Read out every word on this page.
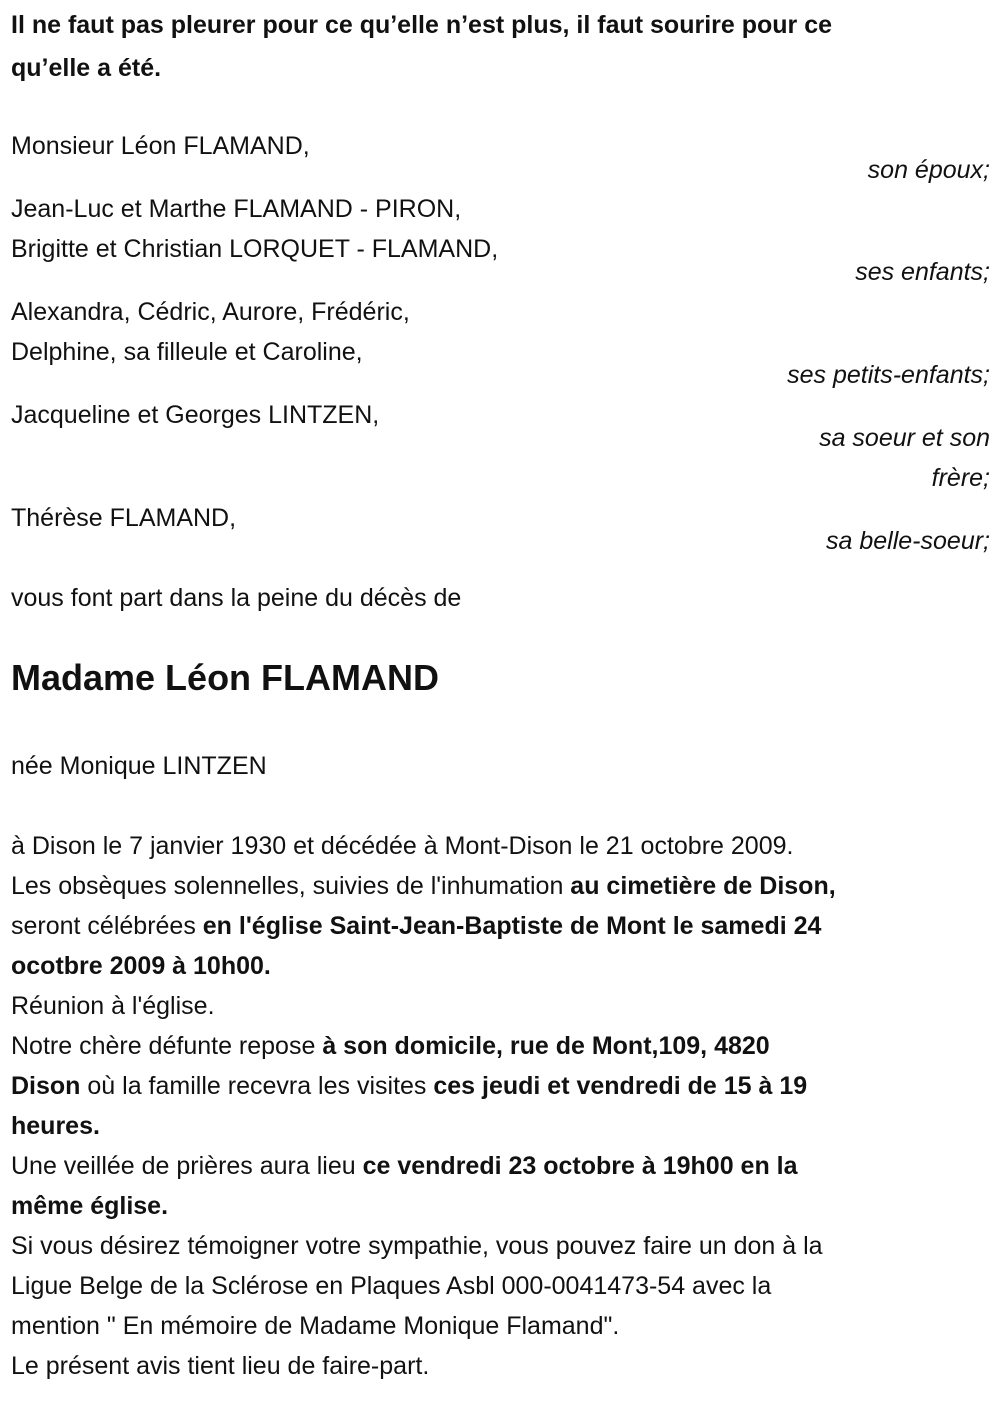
Il ne faut pas pleurer pour ce qu’elle n’est plus, il faut sourire pour ce
qu’elle a été.
Monsieur Léon FLAMAND,
son époux;
Jean-Luc et Marthe FLAMAND - PIRON,
Brigitte et Christian LORQUET - FLAMAND,
ses enfants;
Alexandra, Cédric, Aurore, Frédéric,
Delphine, sa filleule et Caroline,
ses petits-enfants;
Jacqueline et Georges LINTZEN,
sa soeur et son
frère;
Thérèse FLAMAND,
sa belle-soeur;
vous font part dans la peine du décès de
Madame Léon FLAMAND
née Monique LINTZEN
à Dison le 7 janvier 1930 et décédée à Mont-Dison le 21 octobre 2009.
Les obsèques solennelles, suivies de l'inhumation au cimetière de Dison,
seront célébrées en l'église Saint-Jean-Baptiste de Mont le samedi 24
ocotbre 2009 à 10h00.
Réunion à l'église.
Notre chère défunte repose à son domicile, rue de Mont,109, 4820
Dison où la famille recevra les visites ces jeudi et vendredi de 15 à 19
heures.
Une veillée de prières aura lieu ce vendredi 23 octobre à 19h00 en la
même église.
Si vous désirez témoigner votre sympathie, vous pouvez faire un don à la
Ligue Belge de la Sclérose en Plaques Asbl 000-0041473-54 avec la
mention " En mémoire de Madame Monique Flamand".
Le présent avis tient lieu de faire-part.
